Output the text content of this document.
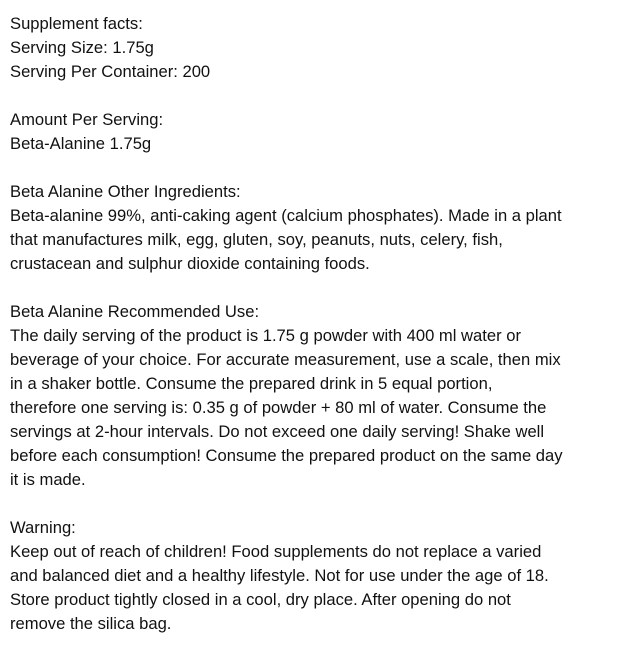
Supplement facts:
Serving Size: 1.75g
Serving Per Container: 200
Amount Per Serving:
Beta-Alanine 1.75g
Beta Alanine Other Ingredients:
Beta-alanine 99%, anti-caking agent (calcium phosphates). Made in a plant
that manufactures milk, egg, gluten, soy, peanuts, nuts, celery, fish,
crustacean and sulphur dioxide containing foods.
Beta Alanine Recommended Use:
The daily serving of the product is 1.75 g powder with 400 ml water or
beverage of your choice. For accurate measurement, use a scale, then mix
in a shaker bottle. Consume the prepared drink in 5 equal portion,
therefore one serving is: 0.35 g of powder + 80 ml of water. Consume the
servings at 2-hour intervals. Do not exceed one daily serving! Shake well
before each consumption! Consume the prepared product on the same day
it is made.
Warning:
Keep out of reach of children! Food supplements do not replace a varied
and balanced diet and a healthy lifestyle. Not for use under the age of 18.
Store product tightly closed in a cool, dry place. After opening do not
remove the silica bag.
